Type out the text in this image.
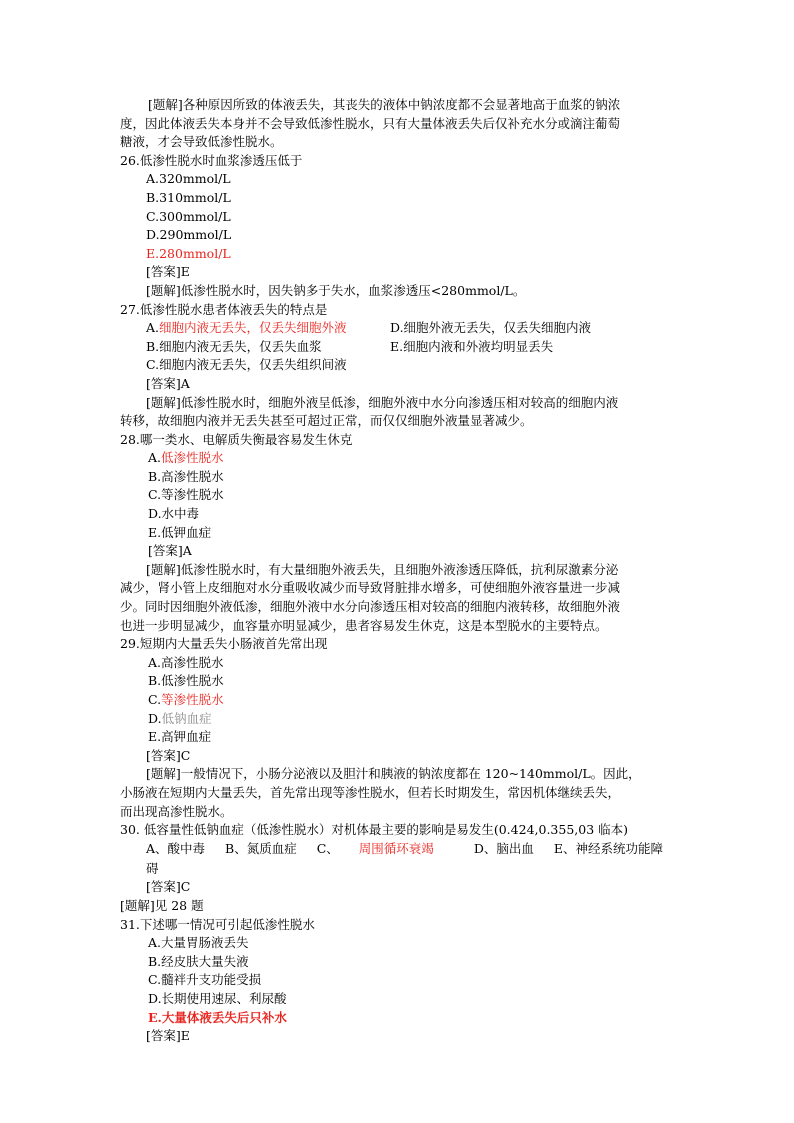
[题解]各种原因所致的体液丢失，其丧失的液体中钠浓度都不会显著地高于血浆的钠浓
度，因此体液丢失本身并不会导致低渗性脱水，只有大量体液丢失后仅补充水分或滴注葡萄
糖液，才会导致低渗性脱水。
26.低渗性脱水时血浆渗透压低于
A.320mmol/L
B.310mmol/L
C.300mmol/L
D.290mmol/L
E.280mmol/L
[答案]E
[题解]低渗性脱水时，因失钠多于失水，血浆渗透压<280mmol/L。
27.低渗性脱水患者体液丢失的特点是
A.细胞内液无丢失，仅丢失细胞外液	D.细胞外液无丢失，仅丢失细胞内液
B.细胞内液无丢失，仅丢失血浆	E.细胞内液和外液均明显丢失
C.细胞内液无丢失，仅丢失组织间液
[答案]A
[题解]低渗性脱水时，细胞外液呈低渗，细胞外液中水分向渗透压相对较高的细胞内液
转移，故细胞内液并无丢失甚至可超过正常，而仅仅细胞外液量显著减少。
28.哪一类水、电解质失衡最容易发生休克
A.低渗性脱水
B.高渗性脱水
C.等渗性脱水
D.水中毒
E.低钾血症
[答案]A
[题解]低渗性脱水时，有大量细胞外液丢失，且细胞外液渗透压降低，抗利尿激素分泌
减少，肾小管上皮细胞对水分重吸收减少而导致肾脏排水增多，可使细胞外液容量进一步减
少。同时因细胞外液低渗，细胞外液中水分向渗透压相对较高的细胞内液转移，故细胞外液
也进一步明显减少，血容量亦明显减少，患者容易发生休克，这是本型脱水的主要特点。
29.短期内大量丢失小肠液首先常出现
A.高渗性脱水
B.低渗性脱水
C.等渗性脱水
D.低钠血症
E.高钾血症
[答案]C
[题解]一般情况下，小肠分泌液以及胆汁和胰液的钠浓度都在 120~140mmol/L。因此，
小肠液在短期内大量丢失，首先常出现等渗性脱水，但若长时期发生，常因机体继续丢失，
而出现高渗性脱水。
30. 低容量性低钠血症（低渗性脱水）对机体最主要的影响是易发生(0.424,0.355,03 临本)
A、酸中毒 B、氮质血症 C、 周围循环衰竭	D、脑出血 E、神经系统功能障
碍
[答案]C
[题解]见 28 题
31.下述哪一情况可引起低渗性脱水
A.大量胃肠液丢失
B.经皮肤大量失液
C.髓袢升支功能受损
D.长期使用速尿、利尿酸
E.大量体液丢失后只补水
[答案]E
